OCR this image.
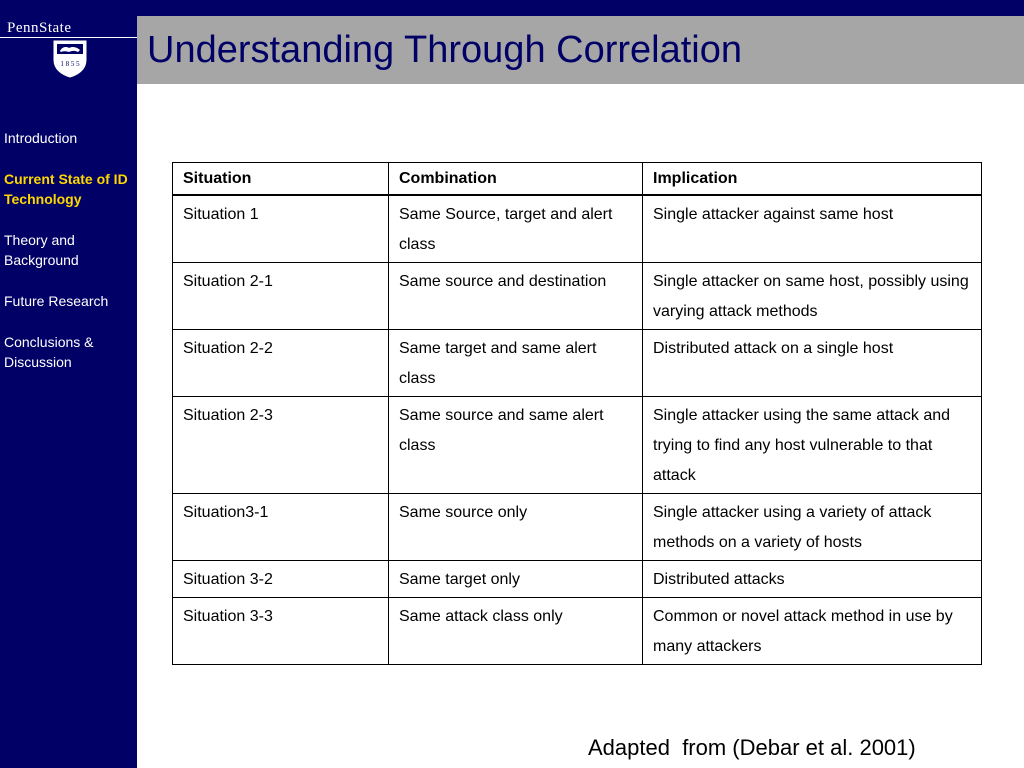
PennState
1 8 5 5
Introduction
Current State of ID Technology
Theory and Background
Future Research
Conclusions & Discussion
Understanding Through Correlation
Situation	Combination	Implication
Situation 1	Same Source, target and alert class	Single attacker against same host
Situation 2-1	Same source and destination	Single attacker on same host, possibly using varying attack methods
Situation 2-2	Same target and same alert class	Distributed attack on a single host
Situation 2-3	Same source and same alert class	Single attacker using the same attack and trying to find any host vulnerable to that attack
Situation3-1	Same source only	Single attacker using a variety of attack methods on a variety of hosts
Situation 3-2	Same target only	Distributed attacks
Situation 3-3	Same attack class only	Common or novel attack method in use by many attackers
Adapted  from (Debar et al. 2001)
